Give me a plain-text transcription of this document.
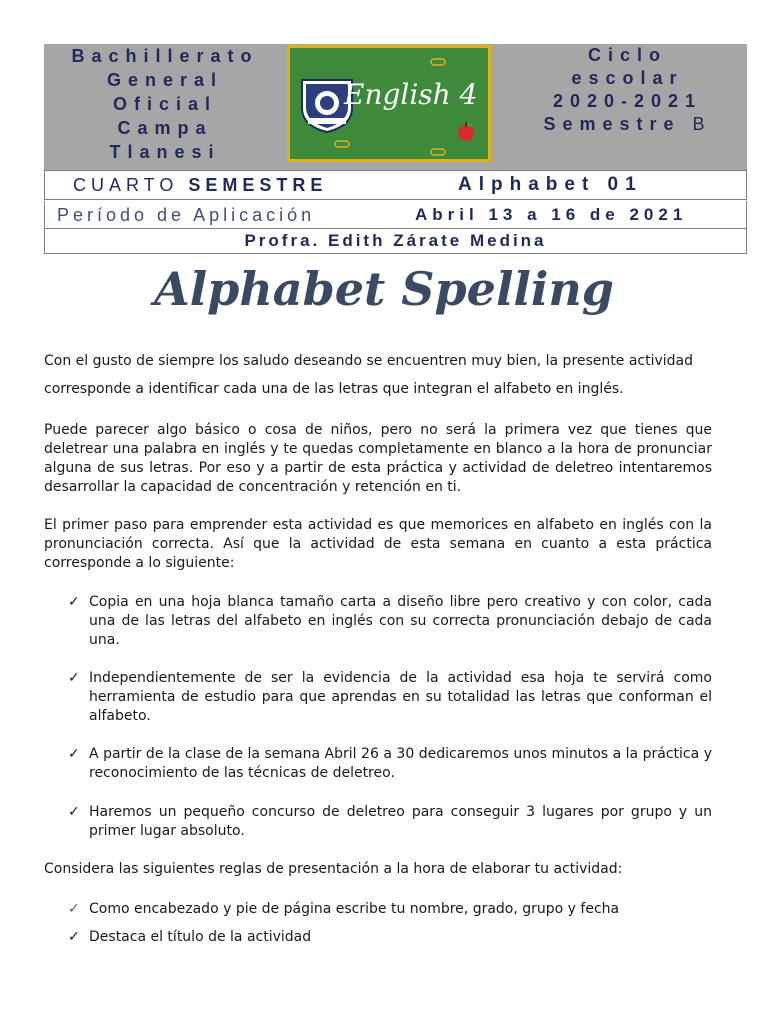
Bachillerato
General
Oficial
Campa
Tlanesi
English 4
Ciclo
escolar
2020-2021
Semestre B
CUARTO SEMESTRE	Alphabet 01
Período de Aplicación	Abril 13 a 16 de 2021
Profra. Edith Zárate Medina
Alphabet Spelling

Con el gusto de siempre los saludo deseando se encuentren muy bien, la presente actividad

corresponde a identificar cada una de las letras que integran el alfabeto en inglés.

Puede parecer algo básico o cosa de niños, pero no será la primera vez que tienes que deletrear una palabra en inglés y te quedas completamente en blanco a la hora de pronunciar alguna de sus letras. Por eso y a partir de esta práctica y actividad de deletreo intentaremos desarrollar la capacidad de concentración y retención en ti.

El primer paso para emprender esta actividad es que memorices en alfabeto en inglés con la pronunciación correcta. Así que la actividad de esta semana en cuanto a esta práctica corresponde a lo siguiente:

✓ Copia en una hoja blanca tamaño carta a diseño libre pero creativo y con color, cada una de las letras del alfabeto en inglés con su correcta pronunciación debajo de cada una.
✓ Independientemente de ser la evidencia de la actividad esa hoja te servirá como herramienta de estudio para que aprendas en su totalidad las letras que conforman el alfabeto.
✓ A partir de la clase de la semana Abril 26 a 30 dedicaremos unos minutos a la práctica y reconocimiento de las técnicas de deletreo.
✓ Haremos un pequeño concurso de deletreo para conseguir 3 lugares por grupo y un primer lugar absoluto.

Considera las siguientes reglas de presentación a la hora de elaborar tu actividad:

✓ Como encabezado y pie de página escribe tu nombre, grado, grupo y fecha
✓ Destaca el título de la actividad
